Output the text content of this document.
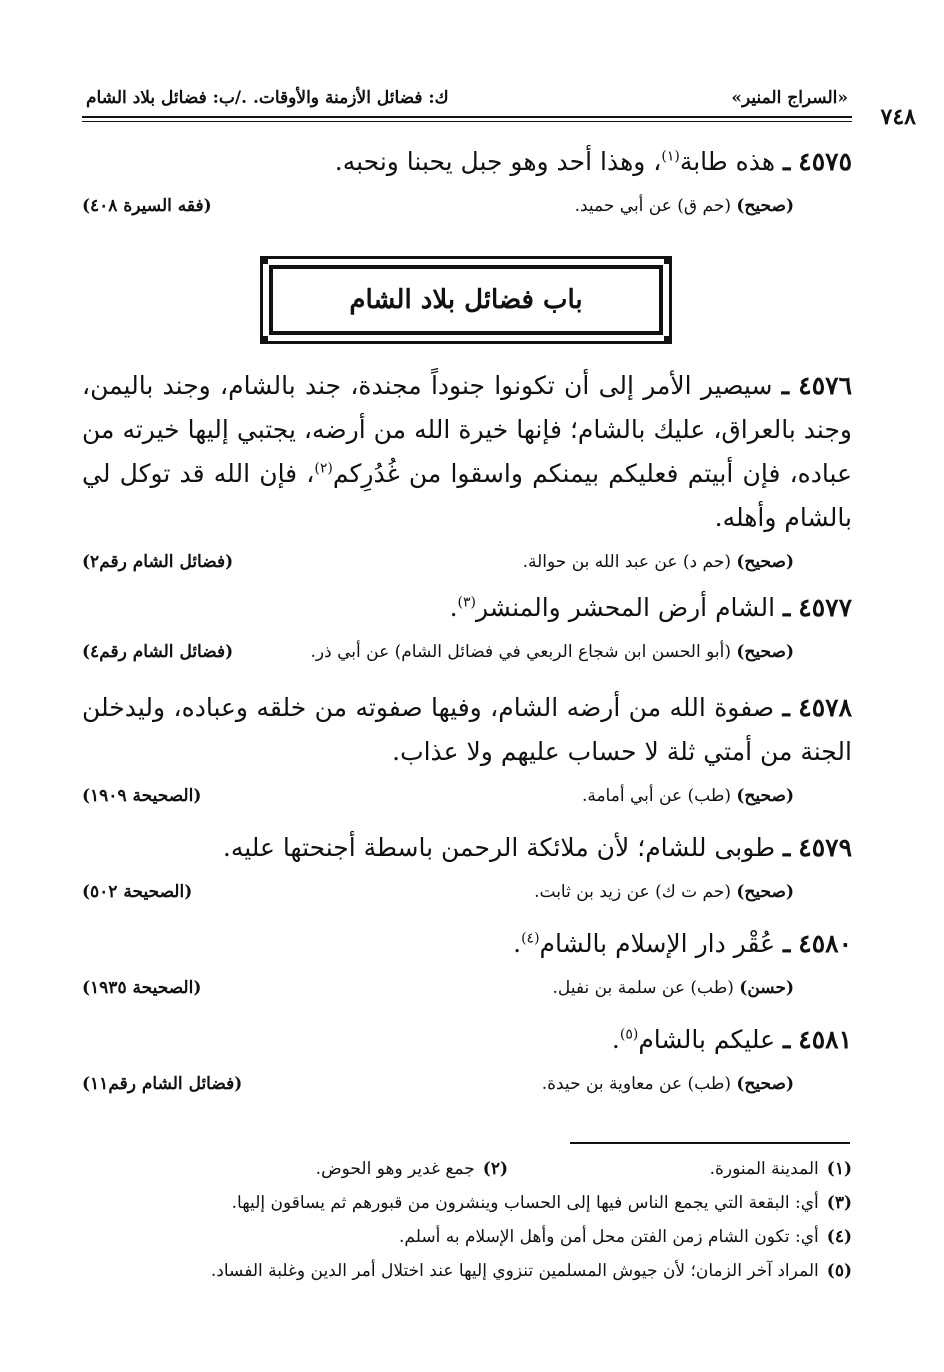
«السراج المنير»
ك: فضائل الأزمنة والأوقات. ./ب: فضائل بلاد الشام
٧٤٨

٤٥٧٥ ـ هذه طابة$^{(١)}$، وهذا أحد وهو جبل يحبنا ونحبه.

(صحيح) (حم ق) عن أبي حميد.
(فقه السيرة ٤٠٨)
باب فضائل بلاد الشام

٤٥٧٦ ـ سيصير الأمر إلى أن تكونوا جنوداً مجندة، جند بالشام، وجند باليمن، وجند بالعراق، عليك بالشام؛ فإنها خيرة الله من أرضه، يجتبي إليها خيرته من عباده، فإن أبيتم فعليكم بيمنكم واسقوا من غُدُرِكم$^{(٢)}$، فإن الله قد توكل لي بالشام وأهله.

(صحيح) (حم د) عن عبد الله بن حوالة.
(فضائل الشام رقم٢)

٤٥٧٧ ـ الشام أرض المحشر والمنشر$^{(٣)}$.

(صحيح) (أبو الحسن ابن شجاع الربعي في فضائل الشام) عن أبي ذر.
(فضائل الشام رقم٤)

٤٥٧٨ ـ صفوة الله من أرضه الشام، وفيها صفوته من خلقه وعباده، وليدخلن الجنة من أمتي ثلة لا حساب عليهم ولا عذاب.

(صحيح) (طب) عن أبي أمامة.
(الصحيحة ١٩٠٩)

٤٥٧٩ ـ طوبى للشام؛ لأن ملائكة الرحمن باسطة أجنحتها عليه.

(صحيح) (حم ت ك) عن زيد بن ثابت.
(الصحيحة ٥٠٢)

٤٥٨٠ ـ عُقْر دار الإسلام بالشام$^{(٤)}$.

(حسن) (طب) عن سلمة بن نفيل.
(الصحيحة ١٩٣٥)

٤٥٨١ ـ عليكم بالشام$^{(٥)}$.

(صحيح) (طب) عن معاوية بن حيدة.
(فضائل الشام رقم١١)
(١)المدينة المنورة.
(٢)جمع غدير وهو الحوض.
(٣)أي: البقعة التي يجمع الناس فيها إلى الحساب وينشرون من قبورهم ثم يساقون إليها.
(٤)أي: تكون الشام زمن الفتن محل أمن وأهل الإسلام به أسلم.
(٥)المراد آخر الزمان؛ لأن جيوش المسلمين تنزوي إليها عند اختلال أمر الدين وغلبة الفساد.
